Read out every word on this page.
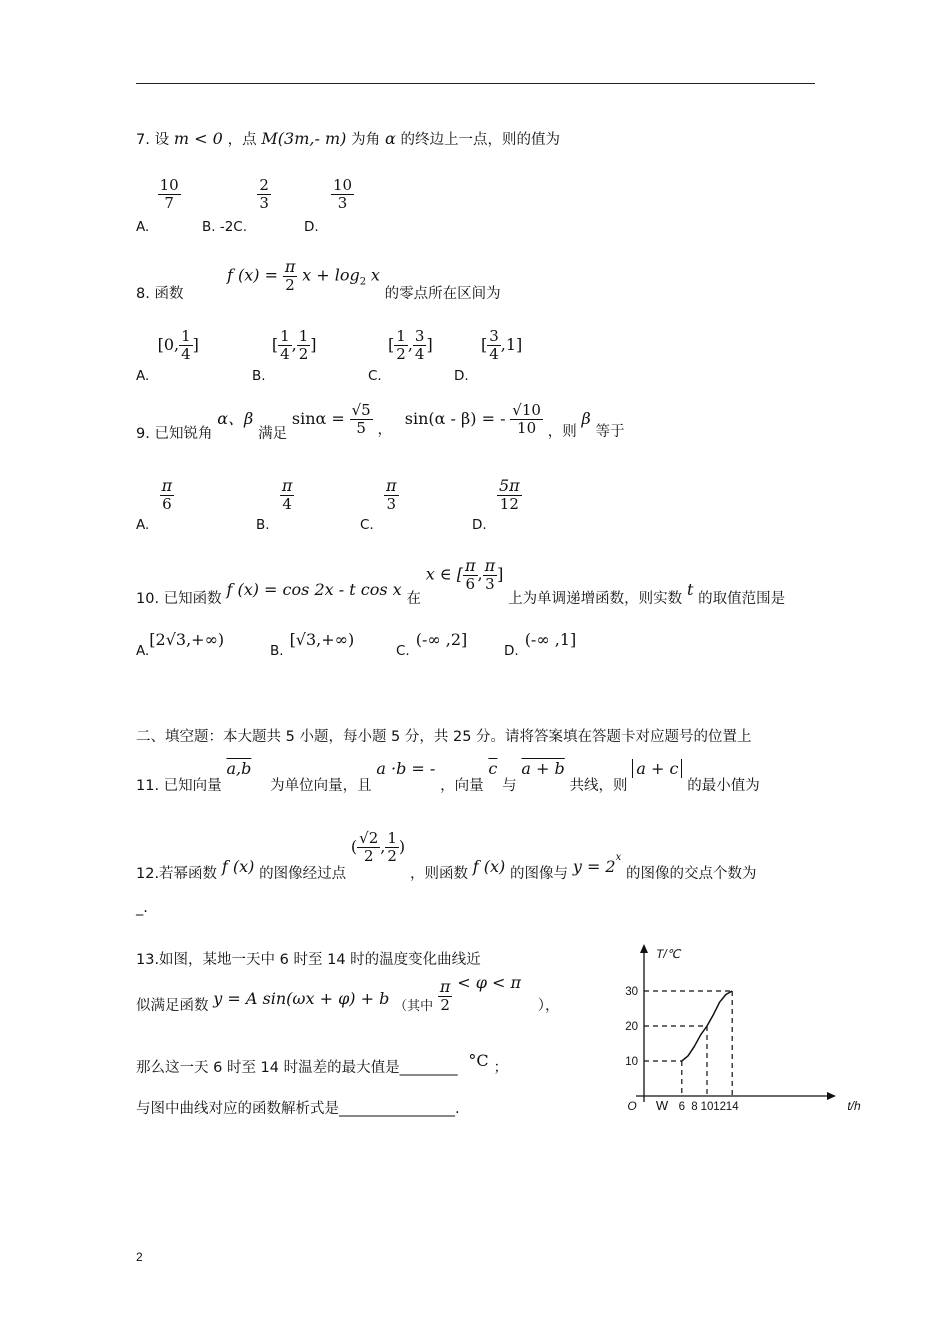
7. 设 m < 0 ，点 M(3m,- m) 为角 α 的终边上一点，则的值为
A.
$\frac{10}{7}$
B. -2C.
$\frac{2}{3}$
D.
$\frac{10}{3}$
8. 函数  f $(x) = \frac{\pi}{2}$ $x + \log_2 x$ 的零点所在区间为
A. [0, $\frac{1}{4}$ ]
B. [ $\frac{1}{4}$ , $\frac{1}{2}$ ]
C. [ $\frac{1}{2}$ , $\frac{3}{4}$ ]
D. [ $\frac{3}{4} ,1$]
9. 已知锐角 α、β 满足 $\sin\alpha = \frac{√5}{5}$ ， sin(α - β) = - $\frac{√10}{10}$ ，则 β 等于
A.
$\frac{\pi}{6}$
B.
$\frac{\pi}{4}$
C.
$\frac{\pi}{3}$
D.
$\frac{5\pi}{12}$
10. 已知函数 f (x) = cos 2x - t cos x 在 x ∈ [ $\frac{\pi}{6}$ , $\frac{\pi}{3}$ ] 上为单调递增函数，则实数 t 的取值范围是
A.[2√3,+∞)
B.[√3,+∞)
C.(-∞ ,2]
D.(-∞ ,1]
二、填空题：本大题共 5 小题，每小题 5 分，共 25 分。请将答案填在答题卡对应题号的位置上
11. 已知向量 a,b 为单位向量，且 a ·b = - ，向量 $\overline{c}$ 与 a + b 共线，则 a + c 的最小值为
12.若幂函数 f (x) 的图像经过点 ( $\frac{√2}{2}$ , $\frac{1}{2}$ ) ，则函数 f (x) 的图像与 $y = 2^x$ 的图像的交点个数为
_.
13.如图，某地一天中 6 时至 14 时的温度变化曲线近
似满足函数 y = A sin(ωx + φ) + b （其中 $\frac{\pi}{2} < \varphi < \pi$ ），
那么这一天 6 时至 14 时温差的最大值是________ °C ；
与图中曲线对应的函数解析式是________________.
T/℃
t/h
O W 6 8 10 12 14
10
20
30
2
